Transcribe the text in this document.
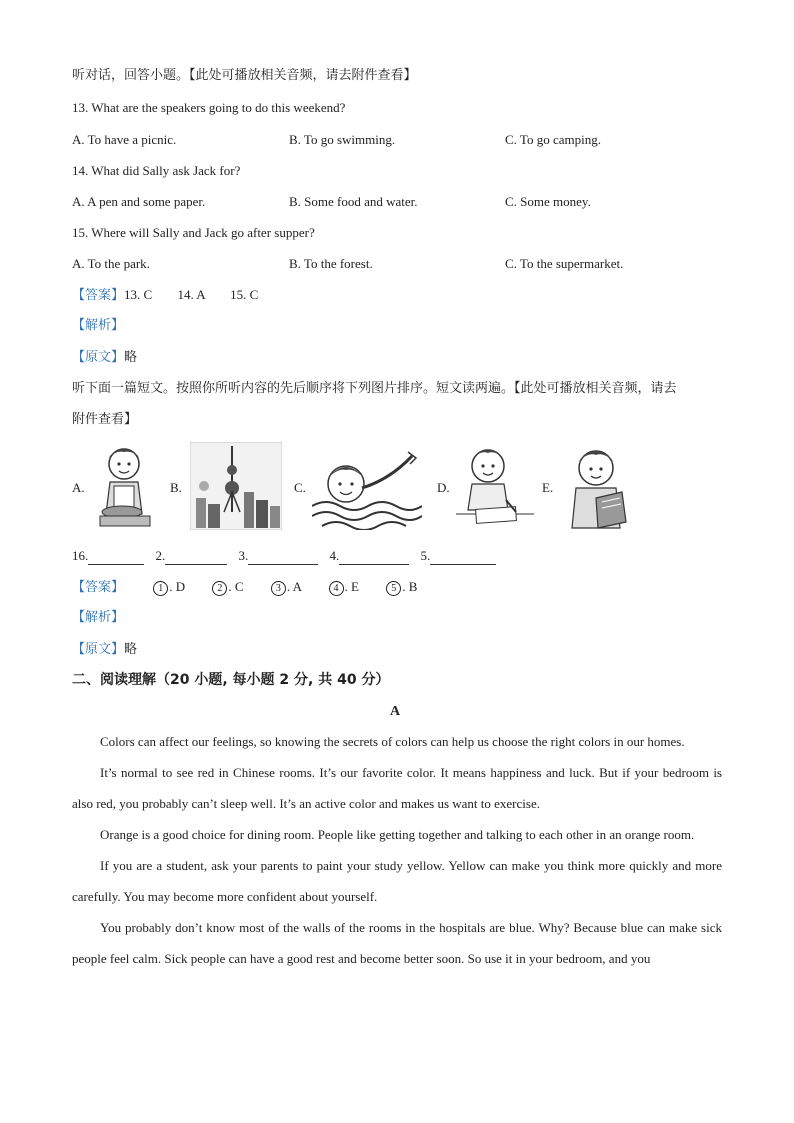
听对话，回答小题。【此处可播放相关音频，请去附件查看】
13. What are the speakers going to do this weekend?
A. To have a picnic.	B. To go swimming.	C. To go camping.
14. What did Sally ask Jack for?
A. A pen and some paper.	B. Some food and water.	C. Some money.
15. Where will Sally and Jack go after supper?
A. To the park.	B. To the forest.	C. To the supermarket.
【答案】13. C 14. A 15. C
【解析】
【原文】略
听下面一篇短文。按照你所听内容的先后顺序将下列图片排序。短文读两遍。【此处可播放相关音频，请去
附件查看】
A.	B.	C.	D.	E.
16.	2.	3.	4.	5.
【答案】	1 . D	2 . C	3 . A	4 . E	5 . B
【解析】
【原文】略
二、阅读理解（20 小题, 每小题 2 分, 共 40 分）
A
Colors can affect our feelings, so knowing the secrets of colors can help us choose the right colors in our homes.
It’s normal to see red in Chinese rooms. It’s our favorite color. It means happiness and luck. But if your bedroom is also red, you probably can’t sleep well. It’s an active color and makes us want to exercise.
Orange is a good choice for dining room. People like getting together and talking to each other in an orange room.
If you are a student, ask your parents to paint your study yellow. Yellow can make you think more quickly and more carefully. You may become more confident about yourself.
You probably don’t know most of the walls of the rooms in the hospitals are blue. Why? Because blue can make sick people feel calm. Sick people can have a good rest and become better soon. So use it in your bedroom, and you
